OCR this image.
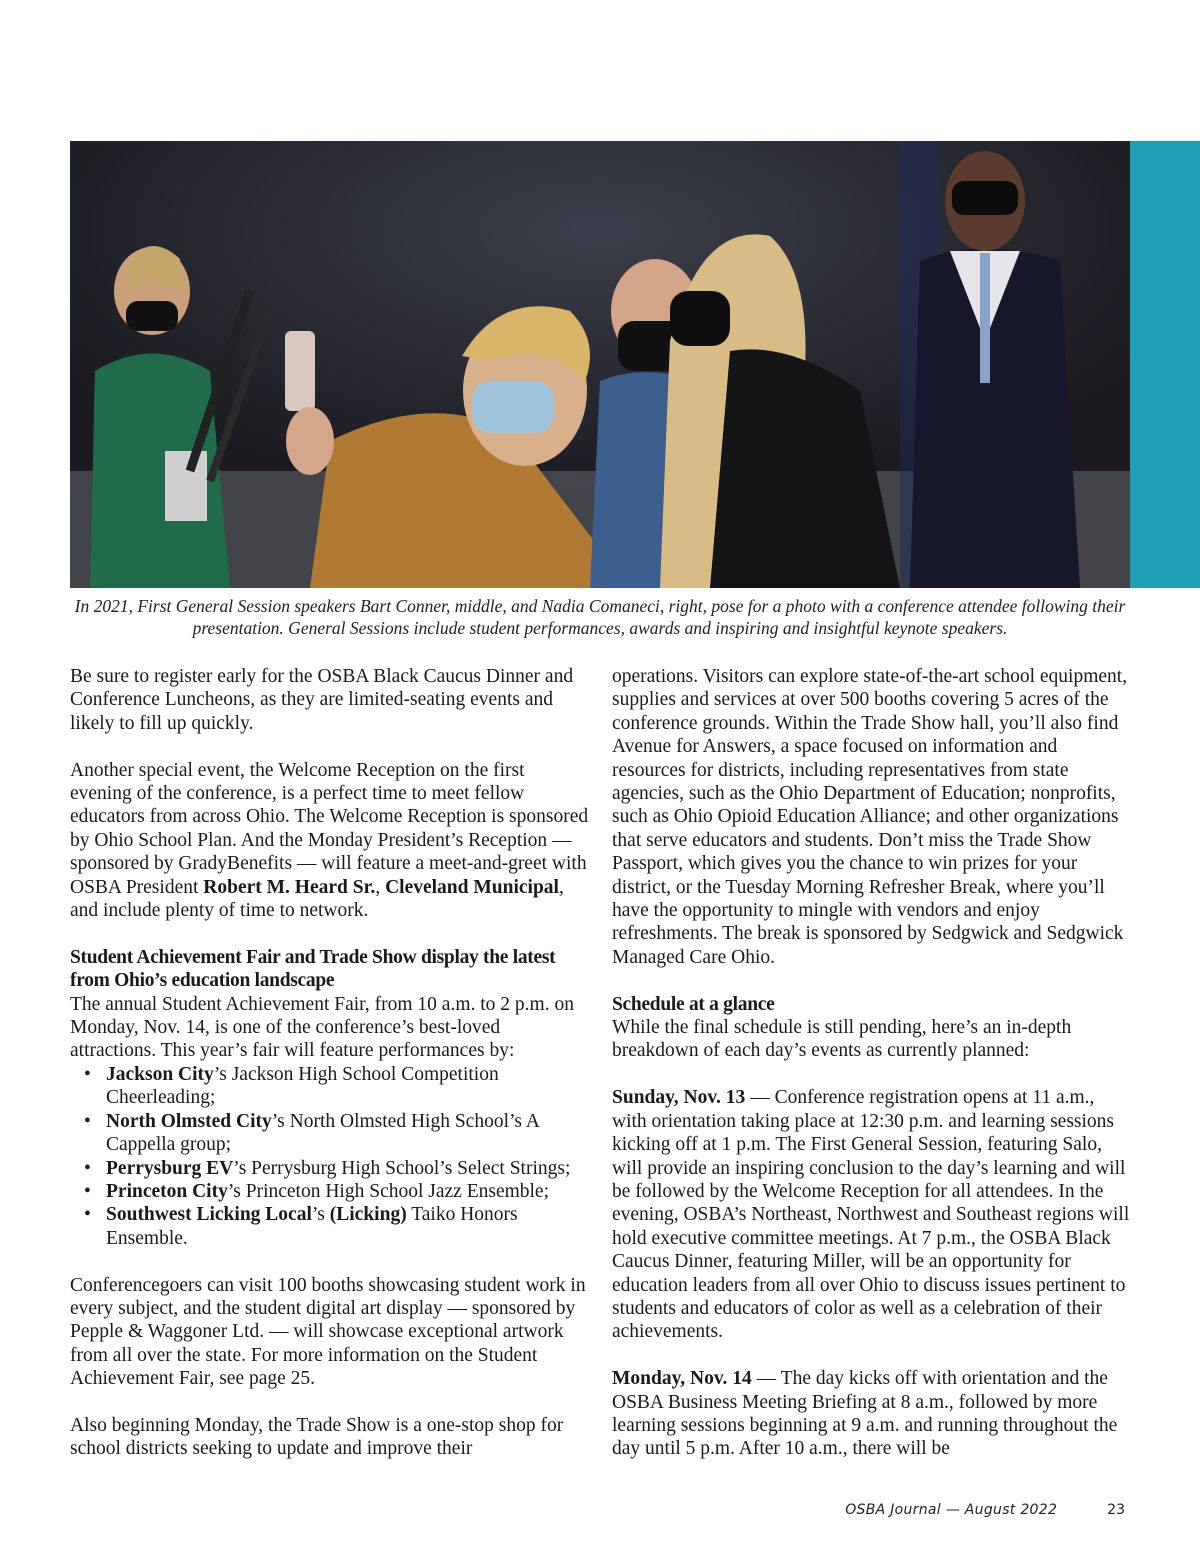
In 2021, First General Session speakers Bart Conner, middle, and Nadia Comaneci, right, pose for a photo with a conference attendee following their presentation. General Sessions include student performances, awards and inspiring and insightful keynote speakers.

Be sure to register early for the OSBA Black Caucus Dinner and Conference Luncheons, as they are limited-seating events and likely to fill up quickly.

Another special event, the Welcome Reception on the first evening of the conference, is a perfect time to meet fellow educators from across Ohio. The Welcome Reception is sponsored by Ohio School Plan. And the Monday President’s Reception — sponsored by GradyBenefits — will feature a meet-and-greet with OSBA President Robert M. Heard Sr., Cleveland Municipal, and include plenty of time to network.

Student Achievement Fair and Trade Show display the latest from Ohio’s education landscape

The annual Student Achievement Fair, from 10 a.m. to 2 p.m. on Monday, Nov. 14, is one of the conference’s best-loved attractions. This year’s fair will feature performances by:

• Jackson City’s Jackson High School Competition Cheerleading;
• North Olmsted City’s North Olmsted High School’s A Cappella group;
• Perrysburg EV’s Perrysburg High School’s Select Strings;
• Princeton City’s Princeton High School Jazz Ensemble;
• Southwest Licking Local’s (Licking) Taiko Honors Ensemble.

Conferencegoers can visit 100 booths showcasing student work in every subject, and the student digital art display — sponsored by Pepple & Waggoner Ltd. — will showcase exceptional artwork from all over the state. For more information on the Student Achievement Fair, see page 25.

Also beginning Monday, the Trade Show is a one-stop shop for school districts seeking to update and improve their

operations. Visitors can explore state-of-the-art school equipment, supplies and services at over 500 booths covering 5 acres of the conference grounds. Within the Trade Show hall, you’ll also find Avenue for Answers, a space focused on information and resources for districts, including representatives from state agencies, such as the Ohio Department of Education; nonprofits, such as Ohio Opioid Education Alliance; and other organizations that serve educators and students. Don’t miss the Trade Show Passport, which gives you the chance to win prizes for your district, or the Tuesday Morning Refresher Break, where you’ll have the opportunity to mingle with vendors and enjoy refreshments. The break is sponsored by Sedgwick and Sedgwick Managed Care Ohio.

Schedule at a glance

While the final schedule is still pending, here’s an in-depth breakdown of each day’s events as currently planned:

Sunday, Nov. 13 — Conference registration opens at 11 a.m., with orientation taking place at 12:30 p.m. and learning sessions kicking off at 1 p.m. The First General Session, featuring Salo, will provide an inspiring conclusion to the day’s learning and will be followed by the Welcome Reception for all attendees. In the evening, OSBA’s Northeast, Northwest and Southeast regions will hold executive committee meetings. At 7 p.m., the OSBA Black Caucus Dinner, featuring Miller, will be an opportunity for education leaders from all over Ohio to discuss issues pertinent to students and educators of color as well as a celebration of their achievements.

Monday, Nov. 14 — The day kicks off with orientation and the OSBA Business Meeting Briefing at 8 a.m., followed by more learning sessions beginning at 9 a.m. and running throughout the day until 5 p.m. After 10 a.m., there will be

OSBA Journal — August 2022	23
